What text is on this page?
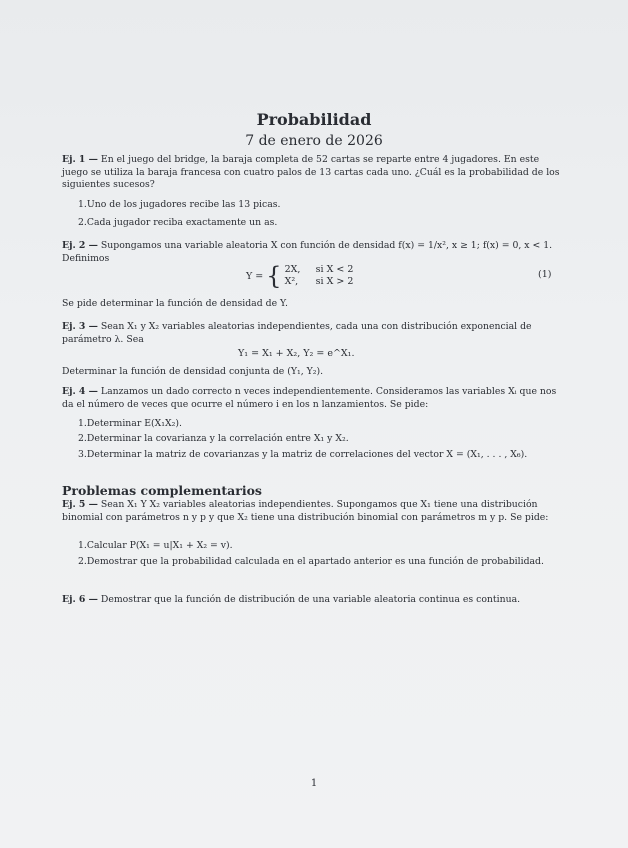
Probabilidad
7 de enero de 2026
Ej. 1 — En el juego del bridge, la baraja completa de 52 cartas se reparte entre 4 jugadores. En este juego se utiliza la baraja francesa con cuatro palos de 13 cartas cada uno. ¿Cuál es la probabilidad de los siguientes sucesos?
1.Uno de los jugadores recibe las 13 picas.
2.Cada jugador reciba exactamente un as.
Ej. 2 — Supongamos una variable aleatoria X con función de densidad f(x) = 1/x², x ≥ 1; f(x) = 0, x < 1. Definimos
Y = { 2X, si X < 2
X², si X > 2
(1)
Se pide determinar la función de densidad de Y.
Ej. 3 — Sean X₁ y X₂ variables aleatorias independientes, cada una con distribución exponencial de parámetro λ. Sea
Y₁ = X₁ + X₂, Y₂ = e^X₁.
Determinar la función de densidad conjunta de (Y₁, Y₂).
Ej. 4 — Lanzamos un dado correcto n veces independientemente. Consideramos las variables Xᵢ que nos da el número de veces que ocurre el número i en los n lanzamientos. Se pide:
1.Determinar E(X₁X₂).
2.Determinar la covarianza y la correlación entre X₁ y X₂.
3.Determinar la matriz de covarianzas y la matriz de correlaciones del vector X = (X₁, . . . , X₆).
Problemas complementarios
Ej. 5 — Sean X₁ Y X₂ variables aleatorias independientes. Supongamos que X₁ tiene una distribución binomial con parámetros n y p y que X₂ tiene una distribución binomial con parámetros m y p. Se pide:
1.Calcular P(X₁ = u|X₁ + X₂ = v).
2.Demostrar que la probabilidad calculada en el apartado anterior es una función de probabilidad.
Ej. 6 — Demostrar que la función de distribución de una variable aleatoria continua es continua.
1
